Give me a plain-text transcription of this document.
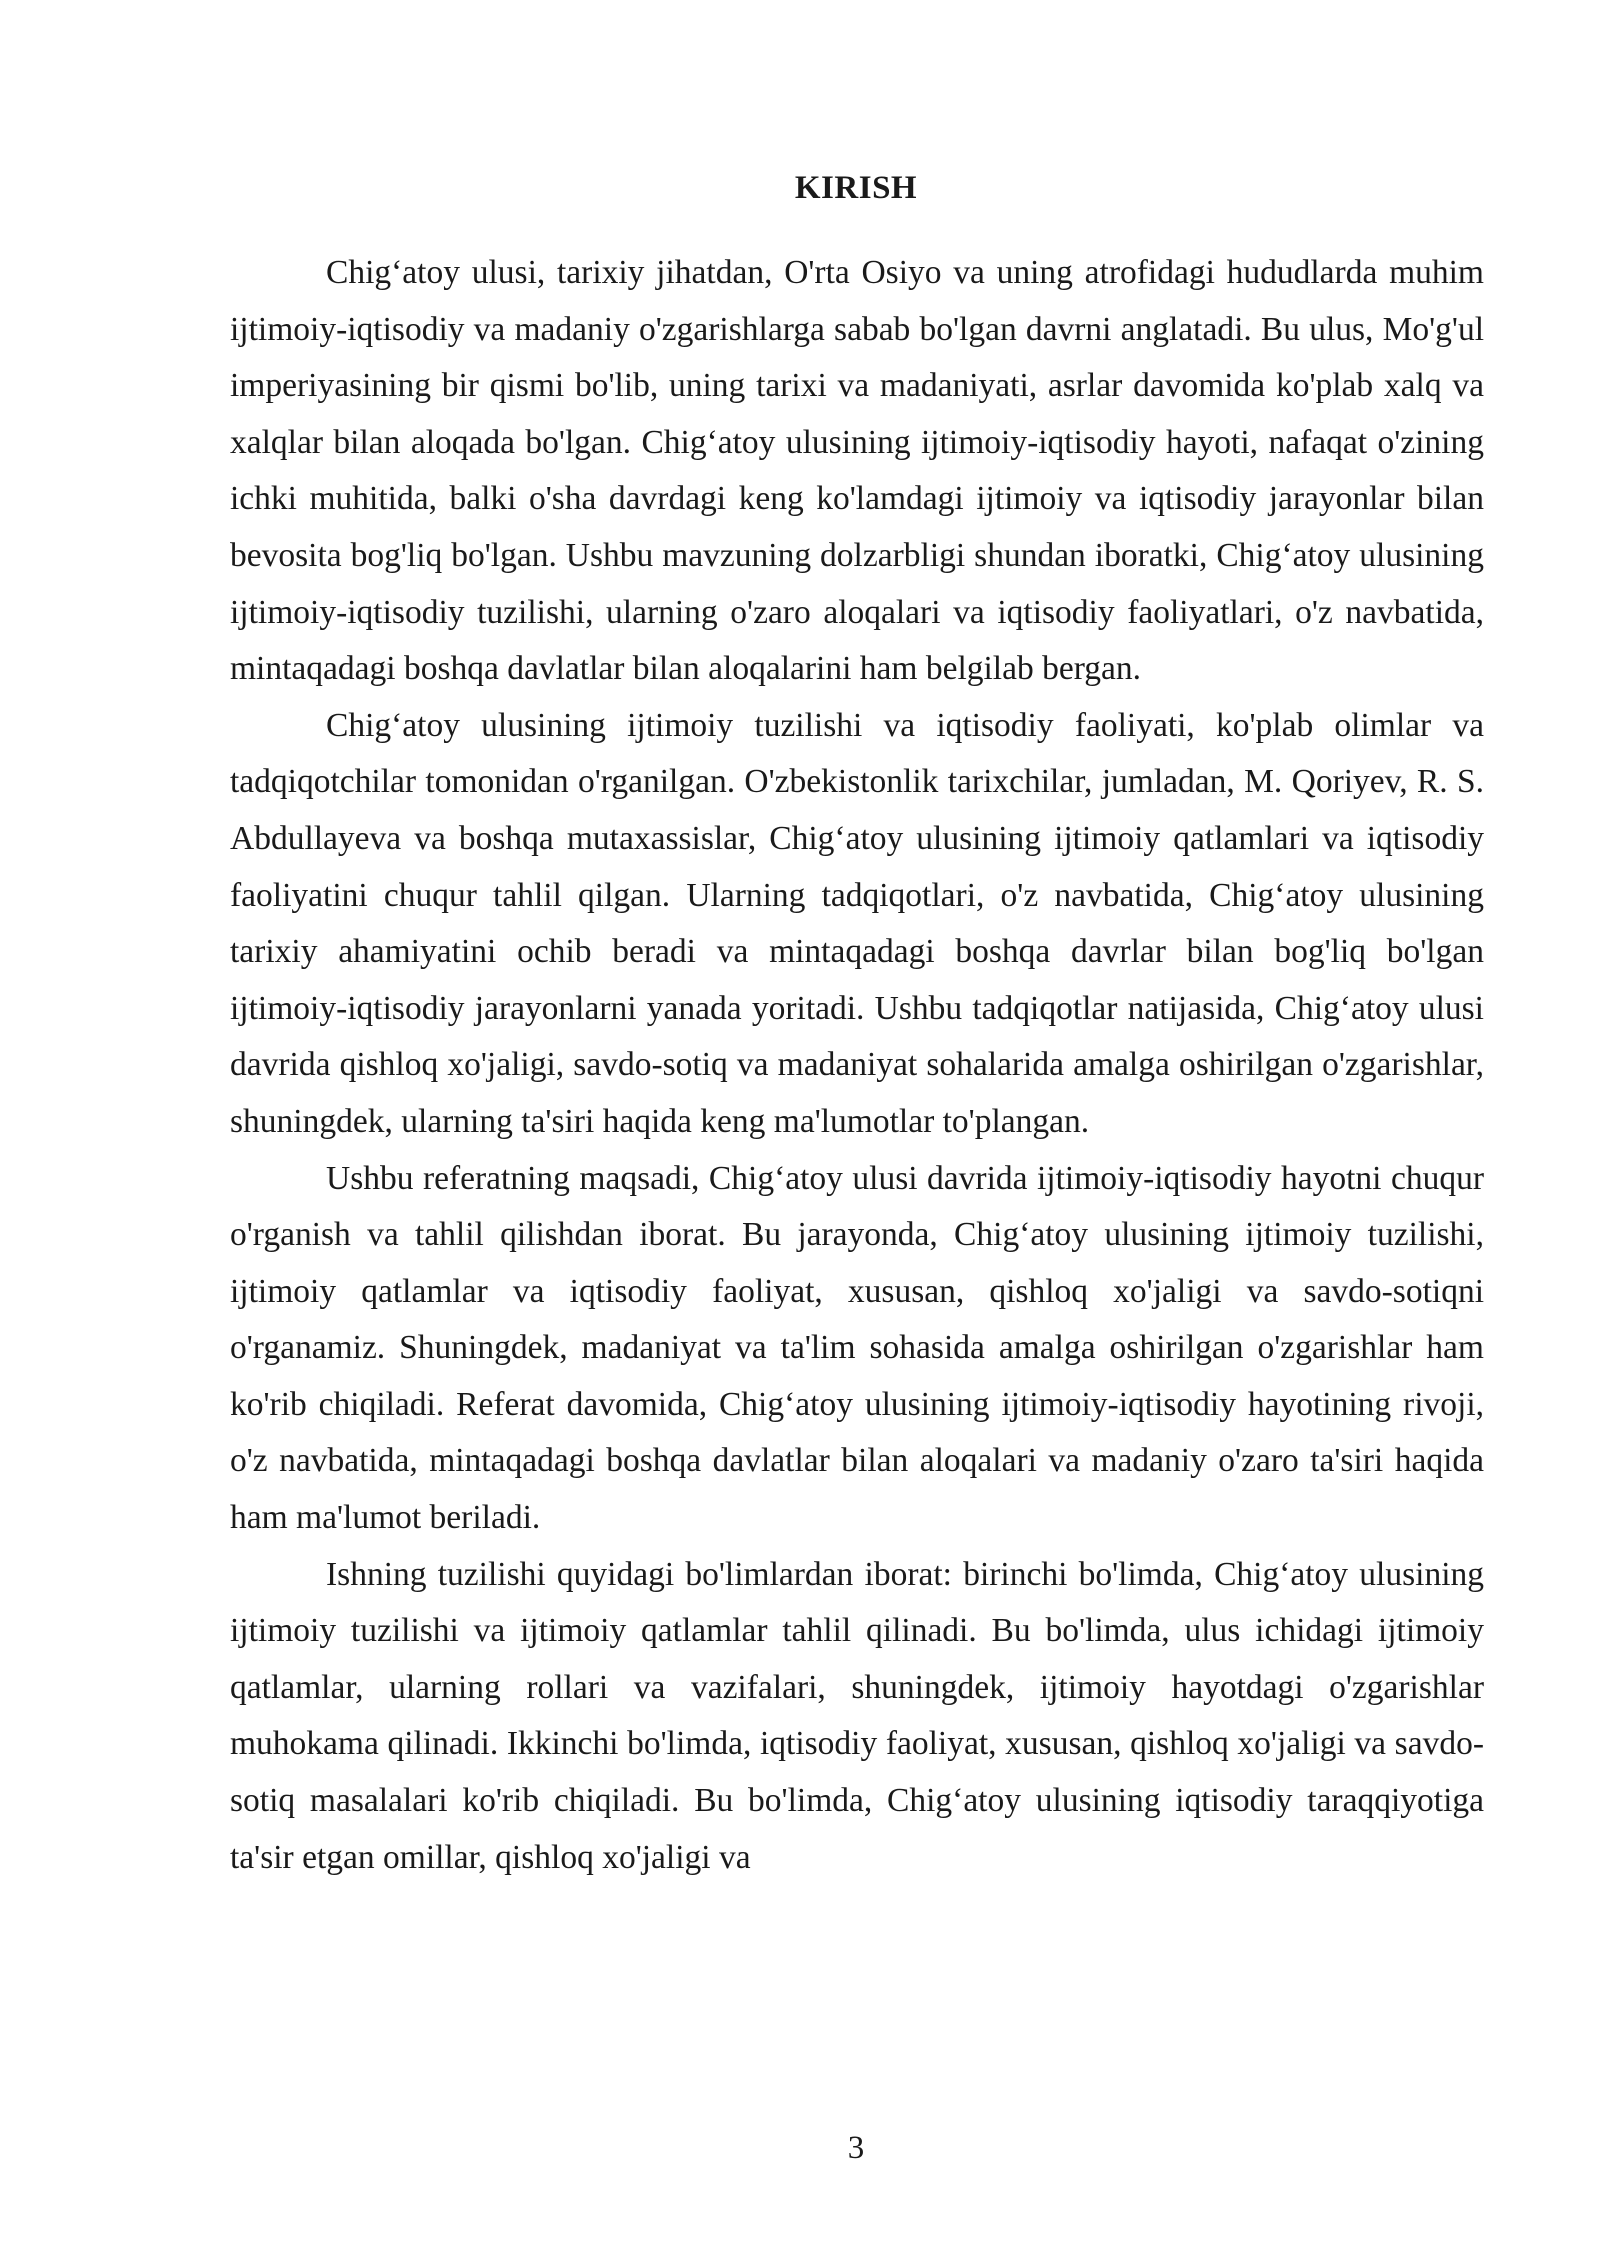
KIRISH

Chig‘atoy ulusi, tarixiy jihatdan, O'rta Osiyo va uning atrofidagi hududlarda muhim ijtimoiy-iqtisodiy va madaniy o'zgarishlarga sabab bo'lgan davrni anglatadi. Bu ulus, Mo'g'ul imperiyasining bir qismi bo'lib, uning tarixi va madaniyati, asrlar davomida ko'plab xalq va xalqlar bilan aloqada bo'lgan. Chig‘atoy ulusining ijtimoiy-iqtisodiy hayoti, nafaqat o'zining ichki muhitida, balki o'sha davrdagi keng ko'lamdagi ijtimoiy va iqtisodiy jarayonlar bilan bevosita bog'liq bo'lgan. Ushbu mavzuning dolzarbligi shundan iboratki, Chig‘atoy ulusining ijtimoiy-iqtisodiy tuzilishi, ularning o'zaro aloqalari va iqtisodiy faoliyatlari, o'z navbatida, mintaqadagi boshqa davlatlar bilan aloqalarini ham belgilab bergan.

Chig‘atoy ulusining ijtimoiy tuzilishi va iqtisodiy faoliyati, ko'plab olimlar va tadqiqotchilar tomonidan o'rganilgan. O'zbekistonlik tarixchilar, jumladan, M. Qoriyev, R. S. Abdullayeva va boshqa mutaxassislar, Chig‘atoy ulusining ijtimoiy qatlamlari va iqtisodiy faoliyatini chuqur tahlil qilgan. Ularning tadqiqotlari, o'z navbatida, Chig‘atoy ulusining tarixiy ahamiyatini ochib beradi va mintaqadagi boshqa davrlar bilan bog'liq bo'lgan ijtimoiy-iqtisodiy jarayonlarni yanada yoritadi. Ushbu tadqiqotlar natijasida, Chig‘atoy ulusi davrida qishloq xo'jaligi, savdo-sotiq va madaniyat sohalarida amalga oshirilgan o'zgarishlar, shuningdek, ularning ta'siri haqida keng ma'lumotlar to'plangan.

Ushbu referatning maqsadi, Chig‘atoy ulusi davrida ijtimoiy-iqtisodiy hayotni chuqur o'rganish va tahlil qilishdan iborat. Bu jarayonda, Chig‘atoy ulusining ijtimoiy tuzilishi, ijtimoiy qatlamlar va iqtisodiy faoliyat, xususan, qishloq xo'jaligi va savdo-sotiqni o'rganamiz. Shuningdek, madaniyat va ta'lim sohasida amalga oshirilgan o'zgarishlar ham ko'rib chiqiladi. Referat davomida, Chig‘atoy ulusining ijtimoiy-iqtisodiy hayotining rivoji, o'z navbatida, mintaqadagi boshqa davlatlar bilan aloqalari va madaniy o'zaro ta'siri haqida ham ma'lumot beriladi.

Ishning tuzilishi quyidagi bo'limlardan iborat: birinchi bo'limda, Chig‘atoy ulusining ijtimoiy tuzilishi va ijtimoiy qatlamlar tahlil qilinadi. Bu bo'limda, ulus ichidagi ijtimoiy qatlamlar, ularning rollari va vazifalari, shuningdek, ijtimoiy hayotdagi o'zgarishlar muhokama qilinadi. Ikkinchi bo'limda, iqtisodiy faoliyat, xususan, qishloq xo'jaligi va savdo-sotiq masalalari ko'rib chiqiladi. Bu bo'limda, Chig‘atoy ulusining iqtisodiy taraqqiyotiga ta'sir etgan omillar, qishloq xo'jaligi va

3
